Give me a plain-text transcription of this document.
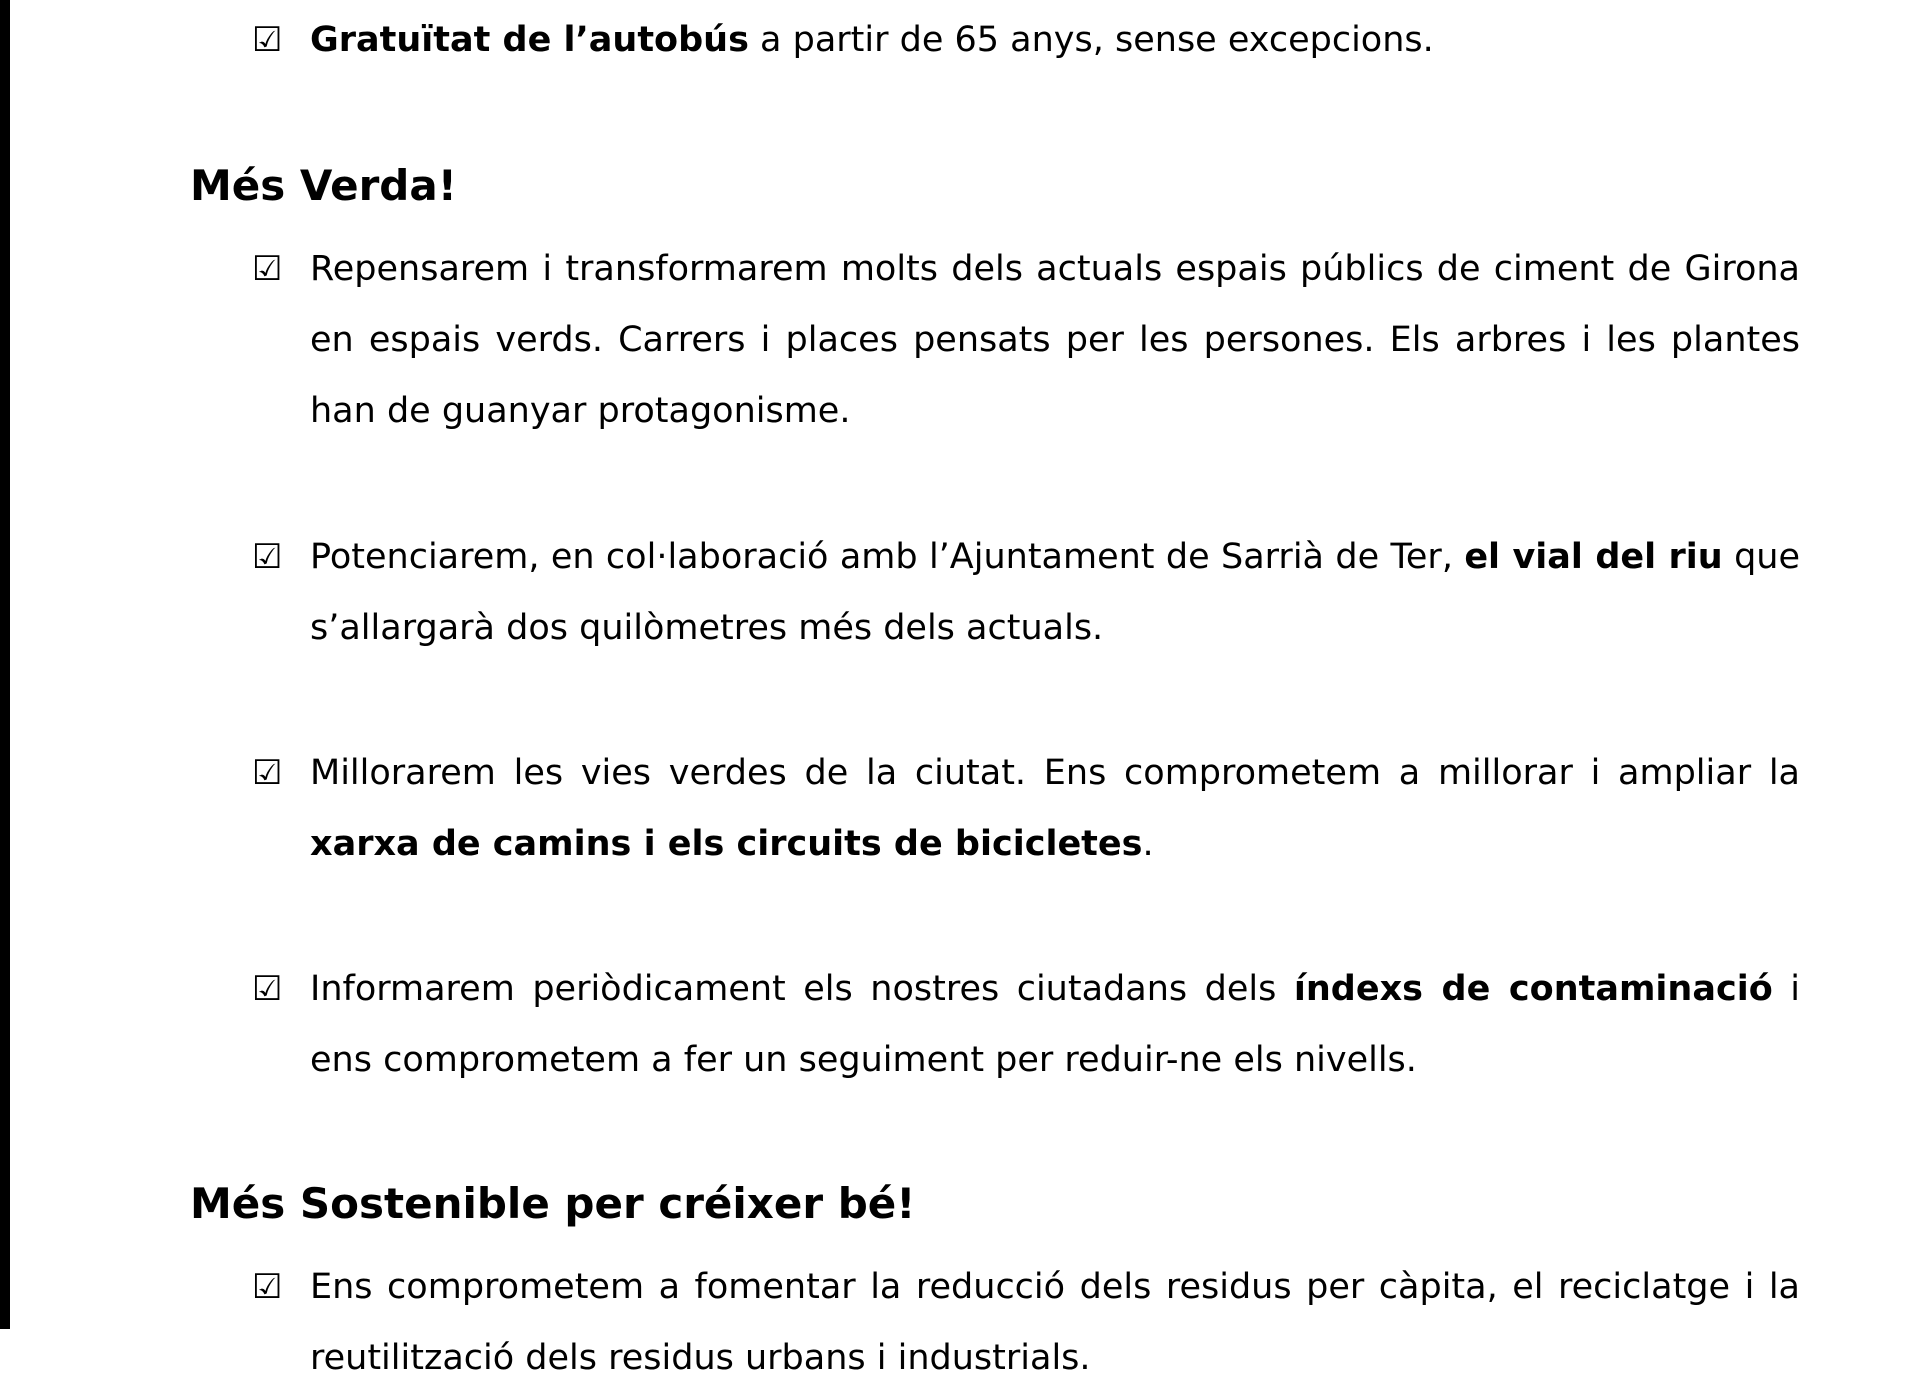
☑ Gratuïtat de l’autobús a partir de 65 anys, sense excepcions.

Més Verda!
☑ Repensarem i transformarem molts dels actuals espais públics de ciment de Girona en espais verds. Carrers i places pensats per les persones. Els arbres i les plantes han de guanyar protagonisme.

☑ Potenciarem, en col·laboració amb l’Ajuntament de Sarrià de Ter, el vial del riu que s’allargarà dos quilòmetres més dels actuals.

☑ Millorarem les vies verdes de la ciutat. Ens comprometem a millorar i ampliar la xarxa de camins i els circuits de bicicletes.

☑ Informarem periòdicament els nostres ciutadans dels índexs de contaminació i ens comprometem a fer un seguiment per reduir-ne els nivells.

Més Sostenible per créixer bé!
☑ Ens comprometem a fomentar la reducció dels residus per càpita, el reciclatge i la reutilització dels residus urbans i industrials.
